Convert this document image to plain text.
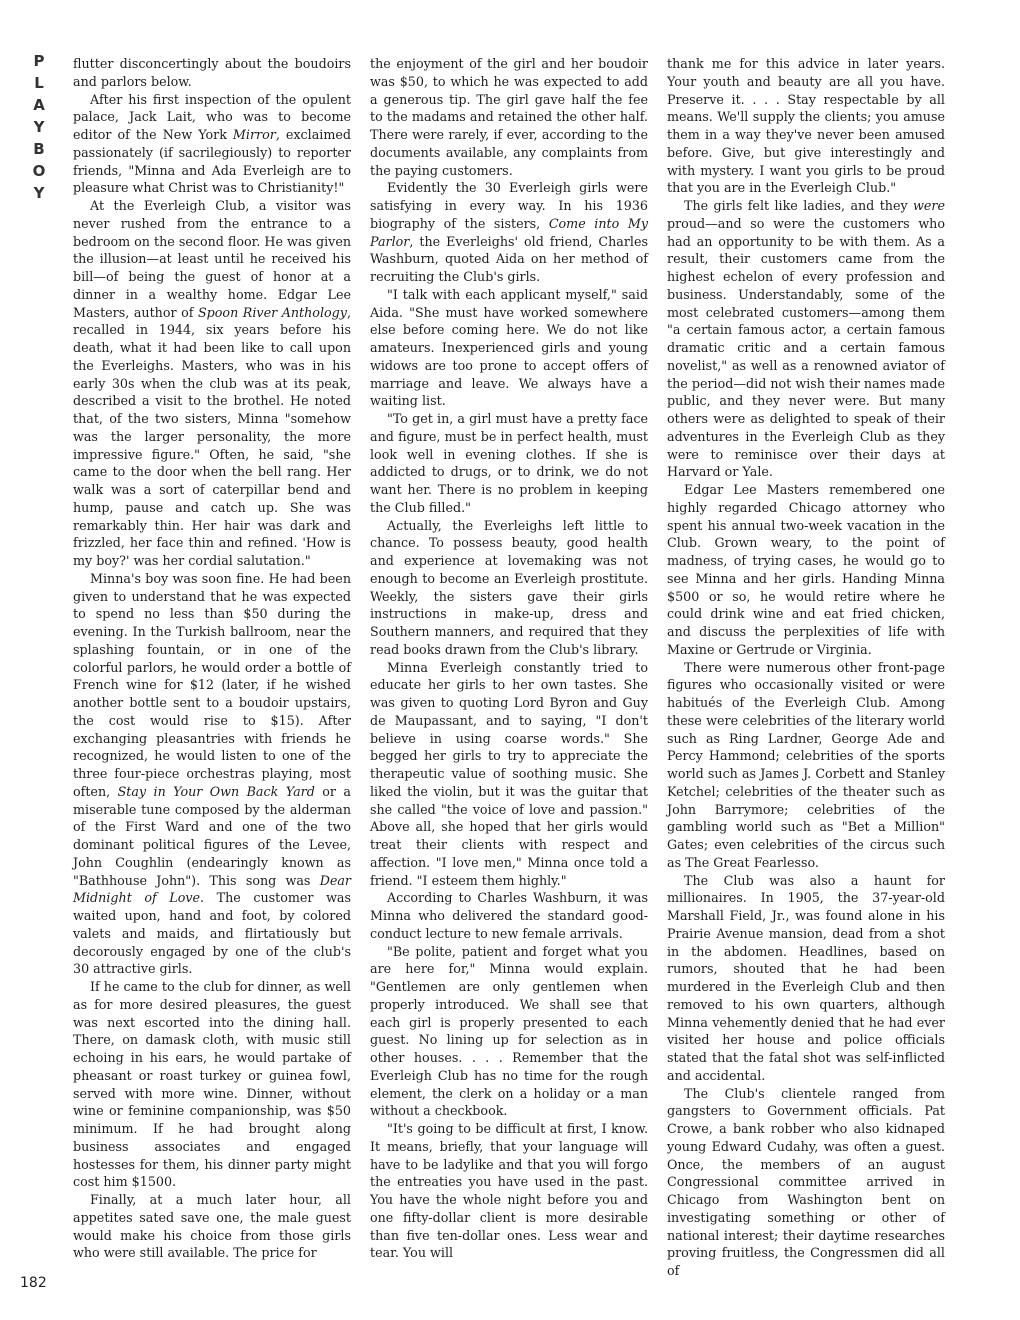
P
L
A
Y
B
O
Y

flutter disconcertingly about the boudoirs and parlors below.

After his first inspection of the opulent palace, Jack Lait, who was to become editor of the New York Mirror, exclaimed passionately (if sacrilegiously) to reporter friends, "Minna and Ada Everleigh are to pleasure what Christ was to Christianity!"

At the Everleigh Club, a visitor was never rushed from the entrance to a bedroom on the second floor. He was given the illusion—at least until he received his bill—of being the guest of honor at a dinner in a wealthy home. Edgar Lee Masters, author of Spoon River Anthology, recalled in 1944, six years before his death, what it had been like to call upon the Everleighs. Masters, who was in his early 30s when the club was at its peak, described a visit to the brothel. He noted that, of the two sisters, Minna "somehow was the larger personality, the more impressive figure." Often, he said, "she came to the door when the bell rang. Her walk was a sort of caterpillar bend and hump, pause and catch up. She was remarkably thin. Her hair was dark and frizzled, her face thin and refined. 'How is my boy?' was her cordial salutation."

Minna's boy was soon fine. He had been given to understand that he was expected to spend no less than $50 during the evening. In the Turkish ballroom, near the splashing fountain, or in one of the colorful parlors, he would order a bottle of French wine for $12 (later, if he wished another bottle sent to a boudoir upstairs, the cost would rise to $15). After exchanging pleasantries with friends he recognized, he would listen to one of the three four-piece orchestras playing, most often, Stay in Your Own Back Yard or a miserable tune composed by the alderman of the First Ward and one of the two dominant political figures of the Levee, John Coughlin (endearingly known as "Bathhouse John"). This song was Dear Midnight of Love. The customer was waited upon, hand and foot, by colored valets and maids, and flirtatiously but decorously engaged by one of the club's 30 attractive girls.

If he came to the club for dinner, as well as for more desired pleasures, the guest was next escorted into the dining hall. There, on damask cloth, with music still echoing in his ears, he would partake of pheasant or roast turkey or guinea fowl, served with more wine. Dinner, without wine or feminine companionship, was $50 minimum. If he had brought along business associates and engaged hostesses for them, his dinner party might cost him $1500.

Finally, at a much later hour, all appetites sated save one, the male guest would make his choice from those girls who were still available. The price for

the enjoyment of the girl and her boudoir was $50, to which he was expected to add a generous tip. The girl gave half the fee to the madams and retained the other half. There were rarely, if ever, according to the documents available, any complaints from the paying customers.

Evidently the 30 Everleigh girls were satisfying in every way. In his 1936 biography of the sisters, Come into My Parlor, the Everleighs' old friend, Charles Washburn, quoted Aida on her method of recruiting the Club's girls.

"I talk with each applicant myself," said Aida. "She must have worked somewhere else before coming here. We do not like amateurs. Inexperienced girls and young widows are too prone to accept offers of marriage and leave. We always have a waiting list.

"To get in, a girl must have a pretty face and figure, must be in perfect health, must look well in evening clothes. If she is addicted to drugs, or to drink, we do not want her. There is no problem in keeping the Club filled."

Actually, the Everleighs left little to chance. To possess beauty, good health and experience at lovemaking was not enough to become an Everleigh prostitute. Weekly, the sisters gave their girls instructions in make-up, dress and Southern manners, and required that they read books drawn from the Club's library.

Minna Everleigh constantly tried to educate her girls to her own tastes. She was given to quoting Lord Byron and Guy de Maupassant, and to saying, "I don't believe in using coarse words." She begged her girls to try to appreciate the therapeutic value of soothing music. She liked the violin, but it was the guitar that she called "the voice of love and passion." Above all, she hoped that her girls would treat their clients with respect and affection. "I love men," Minna once told a friend. "I esteem them highly."

According to Charles Washburn, it was Minna who delivered the standard good-conduct lecture to new female arrivals.

"Be polite, patient and forget what you are here for," Minna would explain. "Gentlemen are only gentlemen when properly introduced. We shall see that each girl is properly presented to each guest. No lining up for selection as in other houses. . . . Remember that the Everleigh Club has no time for the rough element, the clerk on a holiday or a man without a checkbook.

"It's going to be difficult at first, I know. It means, briefly, that your language will have to be ladylike and that you will forgo the entreaties you have used in the past. You have the whole night before you and one fifty-dollar client is more desirable than five ten-dollar ones. Less wear and tear. You will

thank me for this advice in later years. Your youth and beauty are all you have. Preserve it. . . . Stay respectable by all means. We'll supply the clients; you amuse them in a way they've never been amused before. Give, but give interestingly and with mystery. I want you girls to be proud that you are in the Everleigh Club."

The girls felt like ladies, and they were proud—and so were the customers who had an opportunity to be with them. As a result, their customers came from the highest echelon of every profession and business. Understandably, some of the most celebrated customers—among them "a certain famous actor, a certain famous dramatic critic and a certain famous novelist," as well as a renowned aviator of the period—did not wish their names made public, and they never were. But many others were as delighted to speak of their adventures in the Everleigh Club as they were to reminisce over their days at Harvard or Yale.

Edgar Lee Masters remembered one highly regarded Chicago attorney who spent his annual two-week vacation in the Club. Grown weary, to the point of madness, of trying cases, he would go to see Minna and her girls. Handing Minna $500 or so, he would retire where he could drink wine and eat fried chicken, and discuss the perplexities of life with Maxine or Gertrude or Virginia.

There were numerous other front-page figures who occasionally visited or were habitués of the Everleigh Club. Among these were celebrities of the literary world such as Ring Lardner, George Ade and Percy Hammond; celebrities of the sports world such as James J. Corbett and Stanley Ketchel; celebrities of the theater such as John Barrymore; celebrities of the gambling world such as "Bet a Million" Gates; even celebrities of the circus such as The Great Fearlesso.

The Club was also a haunt for millionaires. In 1905, the 37-year-old Marshall Field, Jr., was found alone in his Prairie Avenue mansion, dead from a shot in the abdomen. Headlines, based on rumors, shouted that he had been murdered in the Everleigh Club and then removed to his own quarters, although Minna vehemently denied that he had ever visited her house and police officials stated that the fatal shot was self-inflicted and accidental.

The Club's clientele ranged from gangsters to Government officials. Pat Crowe, a bank robber who also kidnaped young Edward Cudahy, was often a guest. Once, the members of an august Congressional committee arrived in Chicago from Washington bent on investigating something or other of national interest; their daytime researches proving fruitless, the Congressmen did all of

182
